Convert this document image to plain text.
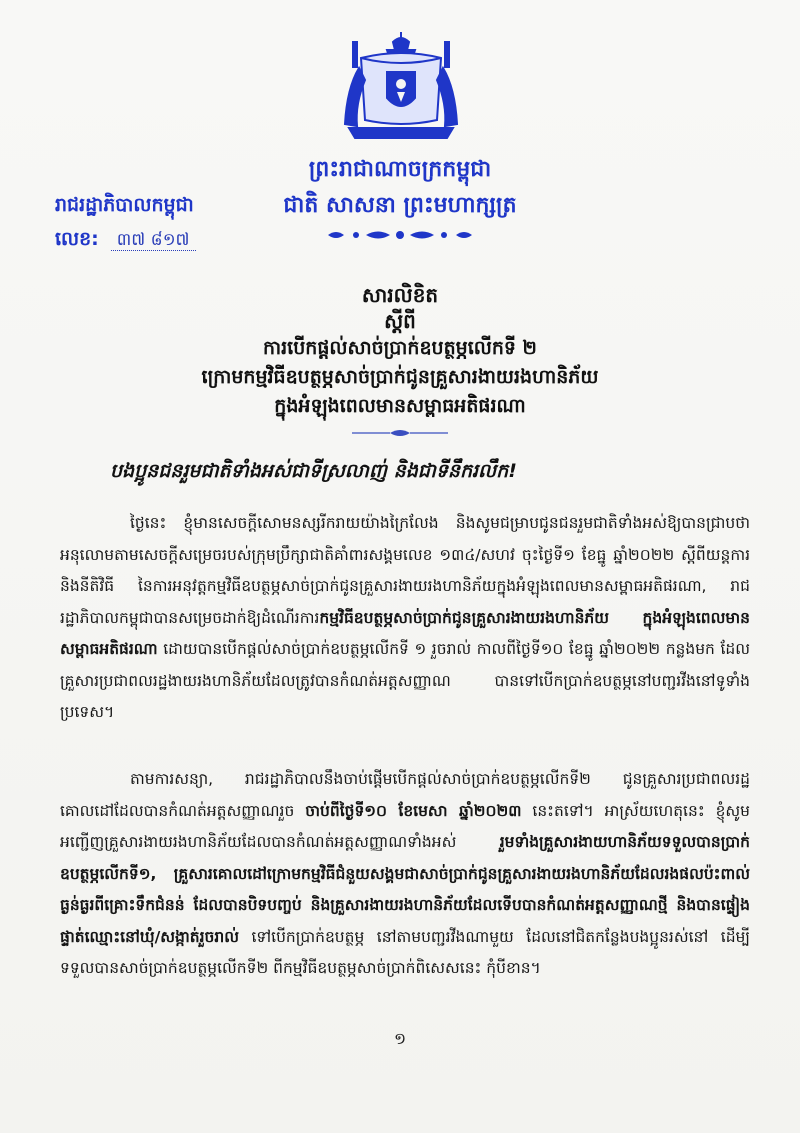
ព្រះរាជាណាចក្រកម្ពុជា
ជាតិ សាសនា ព្រះមហាក្សត្រ
រាជរដ្ឋាភិបាលកម្ពុជា
លេខ: ៣៧ ៨១៧
សារលិខិត
ស្ដីពី
ការបើកផ្ដល់សាច់ប្រាក់ឧបត្ថម្ភលើកទី ២
ក្រោមកម្មវិធីឧបត្ថម្ភសាច់ប្រាក់ជូនគ្រួសារងាយរងហានិភ័យ
ក្នុងអំឡុងពេលមានសម្ពាធអតិផរណា
បងប្អូនជនរួមជាតិទាំងអស់ជាទីស្រលាញ់ និងជាទីនឹករលឹក!
ថ្ងៃនេះ ខ្ញុំមានសេចក្ដីសោមនស្សរីករាយយ៉ាងក្រៃលែង និងសូមជម្រាបជូនជនរួមជាតិទាំងអស់ឱ្យបានជ្រាបថា អនុលោមតាមសេចក្ដីសម្រេចរបស់ក្រុមប្រឹក្សាជាតិគាំពារសង្គមលេខ ១៣៤/សហវ ចុះថ្ងៃទី១ ខែធ្នូ ឆ្នាំ២០២២ ស្ដីពីយន្តការ និងនីតិវិធី នៃការអនុវត្តកម្មវិធីឧបត្ថម្ភសាច់ប្រាក់ជូនគ្រួសារងាយរងហានិភ័យក្នុងអំឡុងពេលមានសម្ពាធអតិផរណា, រាជរដ្ឋាភិបាលកម្ពុជាបានសម្រេចដាក់ឱ្យដំណើរការកម្មវិធីឧបត្ថម្ភសាច់ប្រាក់ជូនគ្រួសារងាយរងហានិភ័យ ក្នុងអំឡុងពេលមានសម្ពាធអតិផរណា ដោយបានបើកផ្ដល់សាច់ប្រាក់ឧបត្ថម្ភលើកទី ១ រួចរាល់ កាលពីថ្ងៃទី១០ ខែធ្នូ ឆ្នាំ២០២២ កន្លងមក ដែលគ្រួសារប្រជាពលរដ្ឋងាយរងហានិភ័យដែលត្រូវបានកំណត់អត្តសញ្ញាណ បានទៅបើកប្រាក់ឧបត្ថម្ភនៅបញ្ជរវីងនៅទូទាំងប្រទេស។
តាមការសន្យា, រាជរដ្ឋាភិបាលនឹងចាប់ផ្ដើមបើកផ្ដល់សាច់ប្រាក់ឧបត្ថម្ភលើកទី២ ជូនគ្រួសារប្រជាពលរដ្ឋគោលដៅដែលបានកំណត់អត្តសញ្ញាណរួច ចាប់ពីថ្ងៃទី១០ ខែមេសា ឆ្នាំ២០២៣ នេះតទៅ។ អាស្រ័យហេតុនេះ ខ្ញុំសូមអញ្ជើញគ្រួសារងាយរងហានិភ័យដែលបានកំណត់អត្តសញ្ញាណទាំងអស់ រួមទាំងគ្រួសារងាយហានិភ័យទទួលបានប្រាក់ឧបត្ថម្ភលើកទី១, គ្រួសារគោលដៅក្រោមកម្មវិធីជំនួយសង្គមជាសាច់ប្រាក់ជូនគ្រួសារងាយរងហានិភ័យដែលរងផលប៉ះពាល់ធ្ងន់ធ្ងរពីគ្រោះទឹកជំនន់ ដែលបានបិទបញ្ចប់ និងគ្រួសារងាយរងហានិភ័យដែលទើបបានកំណត់អត្តសញ្ញាណថ្មី និងបានផ្ទៀងផ្ទាត់ឈ្មោះនៅឃុំ/សង្កាត់រួចរាល់ ទៅបើកប្រាក់ឧបត្ថម្ភ នៅតាមបញ្ជរវីងណាមួយ ដែលនៅជិតកន្លែងបងប្អូនរស់នៅ ដើម្បីទទួលបានសាច់ប្រាក់ឧបត្ថម្ភលើកទី២ ពីកម្មវិធីឧបត្ថម្ភសាច់ប្រាក់ពិសេសនេះ កុំបីខាន។
១
